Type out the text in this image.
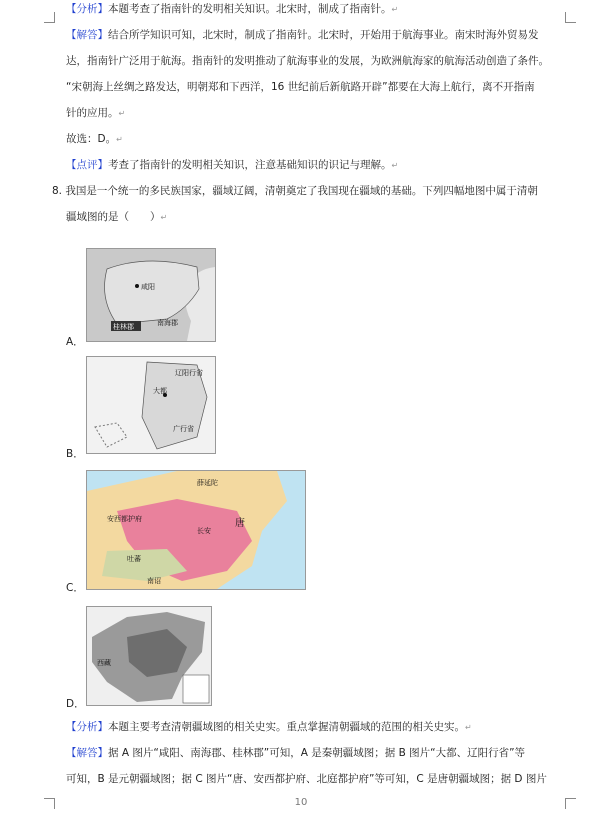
【分析】本题考查了指南针的发明相关知识。北宋时，制成了指南针。↵
【解答】结合所学知识可知，北宋时，制成了指南针。北宋时，开始用于航海事业。南宋时海外贸易发
达，指南针广泛用于航海。指南针的发明推动了航海事业的发展，为欧洲航海家的航海活动创造了条件。
“宋朝海上丝绸之路发达，明朝郑和下西洋，16 世纪前后新航路开辟”都要在大海上航行，离不开指南
针的应用。↵
故选：D。↵
【点评】考查了指南针的发明相关知识，注意基础知识的识记与理解。↵
8. 我国是一个统一的多民族国家，疆域辽阔，清朝奠定了我国现在疆域的基础。下列四幅地图中属于清朝
疆域图的是（　　）↵
A．
咸阳
南海郡
桂林郡
B．
辽阳行省
大都
广行省
C．
薛延陀
安西都护府
吐蕃
长安
唐
南诏
D．
西藏
【分析】本题主要考查清朝疆域图的相关史实。重点掌握清朝疆域的范围的相关史实。↵
【解答】据 A 图片“咸阳、南海郡、桂林郡”可知，A 是秦朝疆域图；据 B 图片“大都、辽阳行省”等
可知，B 是元朝疆域图；据 C 图片“唐、安西都护府、北庭都护府”等可知，C 是唐朝疆域图；据 D 图片
10
